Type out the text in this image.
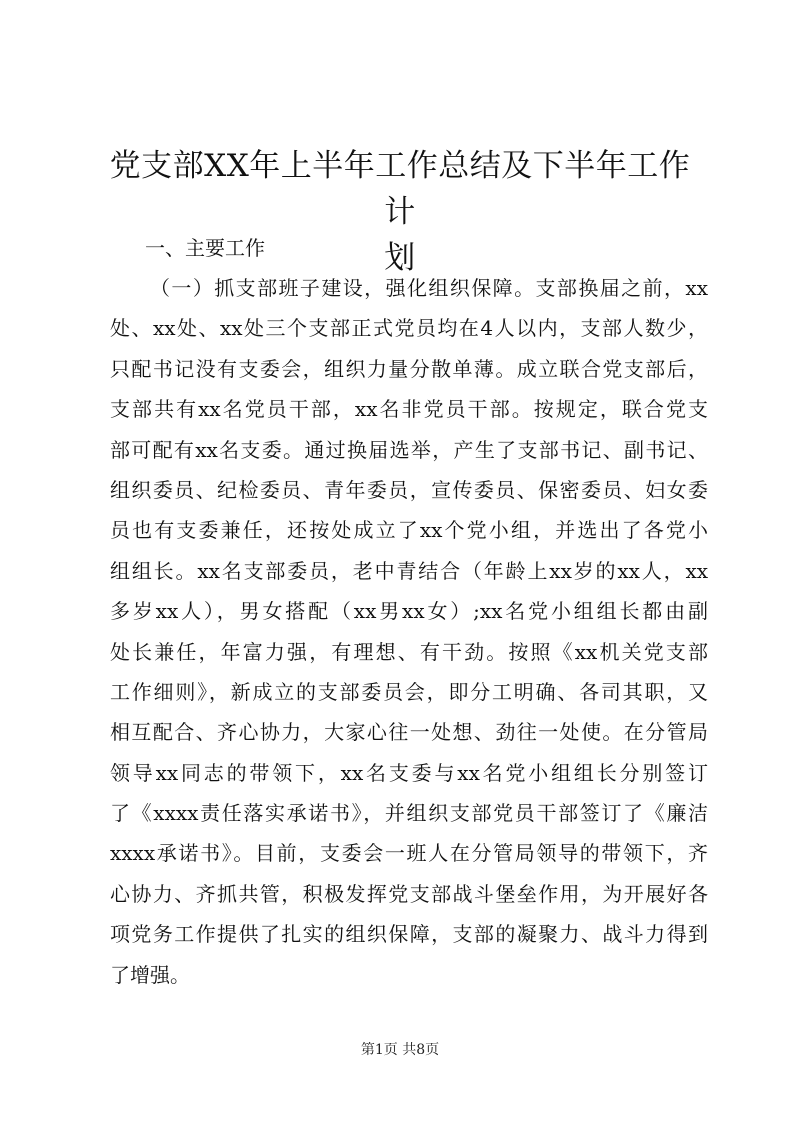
党支部XX年上半年工作总结及下半年工作计
划
一、主要工作
（一）抓支部班子建设，强化组织保障。支部换届之前，xx
处、xx处、xx处三个支部正式党员均在4人以内，支部人数少，
只配书记没有支委会，组织力量分散单薄。成立联合党支部后，
支部共有xx名党员干部，xx名非党员干部。按规定，联合党支
部可配有xx名支委。通过换届选举，产生了支部书记、副书记、
组织委员、纪检委员、青年委员，宣传委员、保密委员、妇女委
员也有支委兼任，还按处成立了xx个党小组，并选出了各党小
组组长。xx名支部委员，老中青结合（年龄上xx岁的xx人，xx
多岁xx人），男女搭配（xx男xx女）;xx名党小组组长都由副
处长兼任，年富力强，有理想、有干劲。按照《xx机关党支部
工作细则》，新成立的支部委员会，即分工明确、各司其职，又
相互配合、齐心协力，大家心往一处想、劲往一处使。在分管局
领导xx同志的带领下，xx名支委与xx名党小组组长分别签订
了《xxxx责任落实承诺书》，并组织支部党员干部签订了《廉洁
xxxx承诺书》。目前，支委会一班人在分管局领导的带领下，齐
心协力、齐抓共管，积极发挥党支部战斗堡垒作用，为开展好各
项党务工作提供了扎实的组织保障，支部的凝聚力、战斗力得到
了增强。
第1页 共8页
